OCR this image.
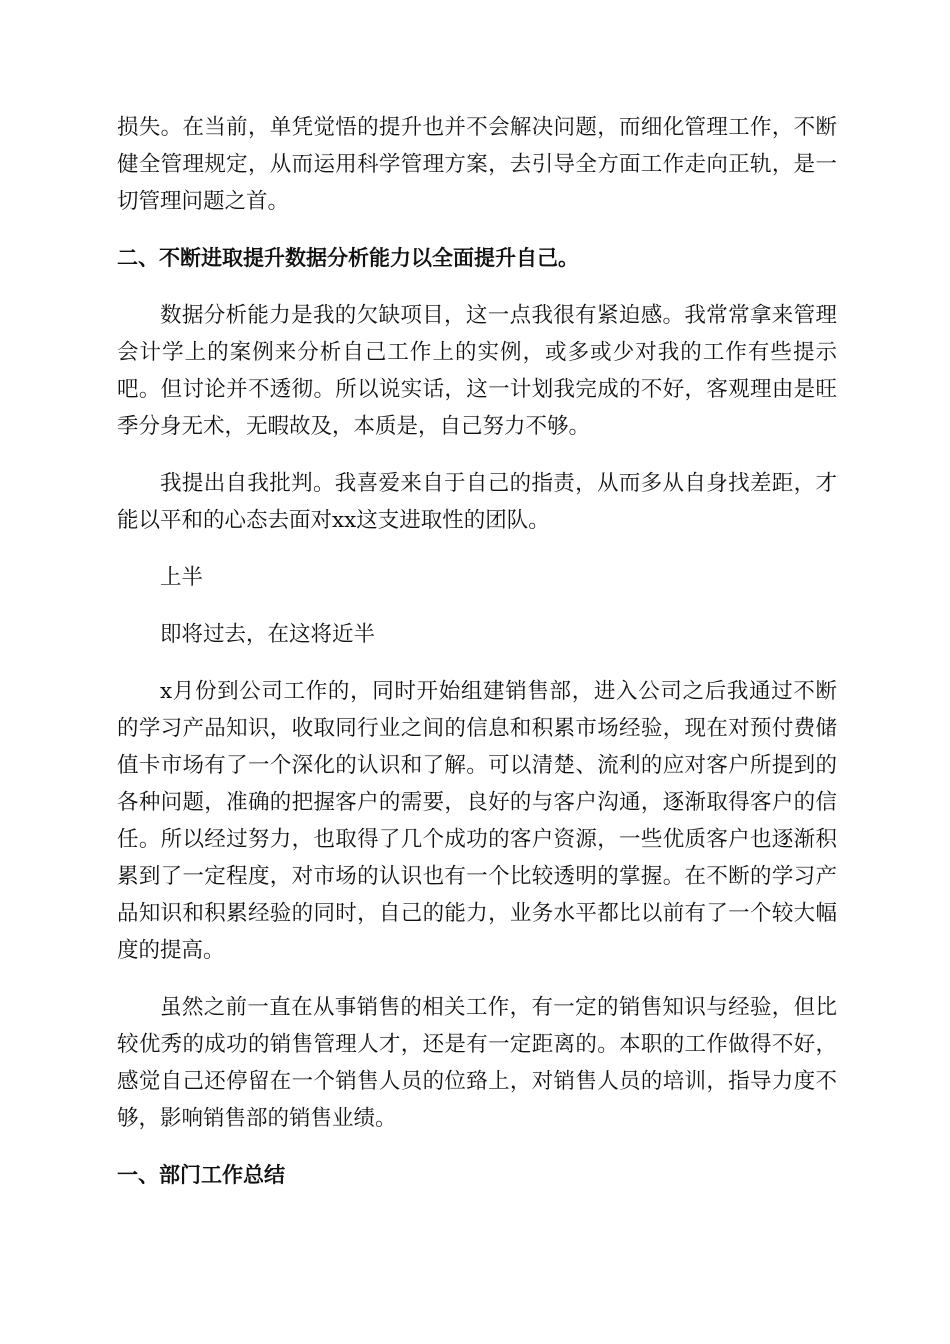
损失。在当前，单凭觉悟的提升也并不会解决问题，而细化管理工作，不断健全管理规定，从而运用科学管理方案，去引导全方面工作走向正轨，是一切管理问题之首。

二、不断进取提升数据分析能力以全面提升自己。

数据分析能力是我的欠缺项目，这一点我很有紧迫感。我常常拿来管理会计学上的案例来分析自己工作上的实例，或多或少对我的工作有些提示吧。但讨论并不透彻。所以说实话，这一计划我完成的不好，客观理由是旺季分身无术，无暇故及，本质是，自己努力不够。

我提出自我批判。我喜爱来自于自己的指责，从而多从自身找差距，才能以平和的心态去面对xx这支进取性的团队。

上半

即将过去，在这将近半

x月份到公司工作的，同时开始组建销售部，进入公司之后我通过不断的学习产品知识，收取同行业之间的信息和积累市场经验，现在对预付费储值卡市场有了一个深化的认识和了解。可以清楚、流利的应对客户所提到的各种问题，准确的把握客户的需要，良好的与客户沟通，逐渐取得客户的信任。所以经过努力，也取得了几个成功的客户资源，一些优质客户也逐渐积累到了一定程度，对市场的认识也有一个比较透明的掌握。在不断的学习产品知识和积累经验的同时，自己的能力，业务水平都比以前有了一个较大幅度的提高。

虽然之前一直在从事销售的相关工作，有一定的销售知识与经验，但比较优秀的成功的销售管理人才，还是有一定距离的。本职的工作做得不好，感觉自己还停留在一个销售人员的位臵上，对销售人员的培训，指导力度不够，影响销售部的销售业绩。

一、部门工作总结
